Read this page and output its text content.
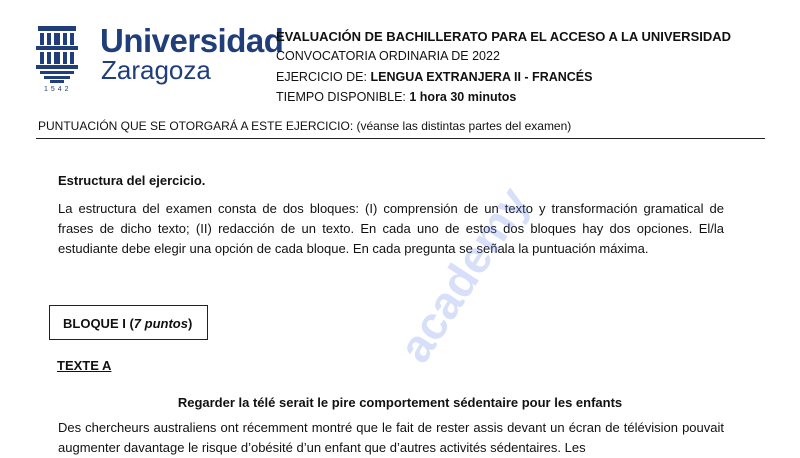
1542
Universidad
Zaragoza
EVALUACIÓN DE BACHILLERATO PARA EL ACCESO A LA UNIVERSIDAD
CONVOCATORIA ORDINARIA DE 2022
EJERCICIO DE: LENGUA EXTRANJERA II - FRANCÉS
TIEMPO DISPONIBLE: 1 hora 30 minutos
PUNTUACIÓN QUE SE OTORGARÁ A ESTE EJERCICIO: (véanse las distintas partes del examen)
Estructura del ejercicio.
La estructura del examen consta de dos bloques: (I) comprensión de un texto y transformación gramatical de frases de dicho texto; (II) redacción de un texto. En cada uno de estos dos bloques hay dos opciones. El/la estudiante debe elegir una opción de cada bloque. En cada pregunta se señala la puntuación máxima.
BLOQUE I (7 puntos)
TEXTE A
Regarder la télé serait le pire comportement sédentaire pour les enfants
Des chercheurs australiens ont récemment montré que le fait de rester assis devant un écran de télévision pouvait augmenter davantage le risque d’obésité d’un enfant que d’autres activités sédentaires. Les
academy
